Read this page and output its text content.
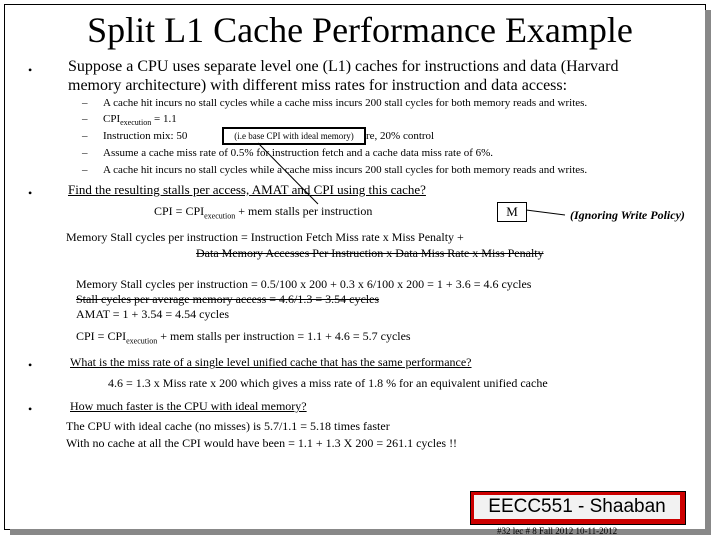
Split L1 Cache Performance Example
• Suppose a CPU uses separate level one (L1) caches for instructions and data (Harvard
memory architecture) with different miss rates for instruction and data access:
– A cache hit incurs no stall cycles while a cache miss incurs 200 stall cycles for both memory reads and writes.
– $CPI_{execution} = 1.1$
– Instruction mix: 50	re, 20% control
(i.e base CPI with ideal memory)
– Assume a cache miss rate of 0.5% for instruction fetch and a cache data miss rate of 6%.
– A cache hit incurs no stall cycles while a cache miss incurs 200 stall cycles for both memory reads and writes.
•	Find the resulting stalls per access, AMAT and CPI using this cache?
CPI = $CPI_{execution}$ + mem stalls per instruction	M	(Ignoring Write Policy)
Memory Stall cycles per instruction = Instruction Fetch Miss rate x Miss Penalty +
Data Memory Accesses Per Instruction x Data Miss Rate x Miss Penalty
Memory Stall cycles per instruction = 0.5/100 x 200 + 0.3 x 6/100 x 200 = 1 + 3.6 = 4.6 cycles
Stall cycles per average memory access = 4.6/1.3 = 3.54 cycles
AMAT = 1 + 3.54 = 4.54 cycles
CPI = $CPI_{execution}$ + mem stalls per instruction = 1.1 + 4.6 = 5.7 cycles
•	What is the miss rate of a single level unified cache that has the same performance?
4.6 = 1.3 x Miss rate x 200 which gives a miss rate of 1.8 % for an equivalent unified cache
•	How much faster is the CPU with ideal memory?
The CPU with ideal cache (no misses) is 5.7/1.1 = 5.18 times faster
With no cache at all the CPI would have been = 1.1 + 1.3 X 200 = 261.1 cycles !!
EECC551 - Shaaban
#32 lec # 8 Fall 2012 10-11-2012
